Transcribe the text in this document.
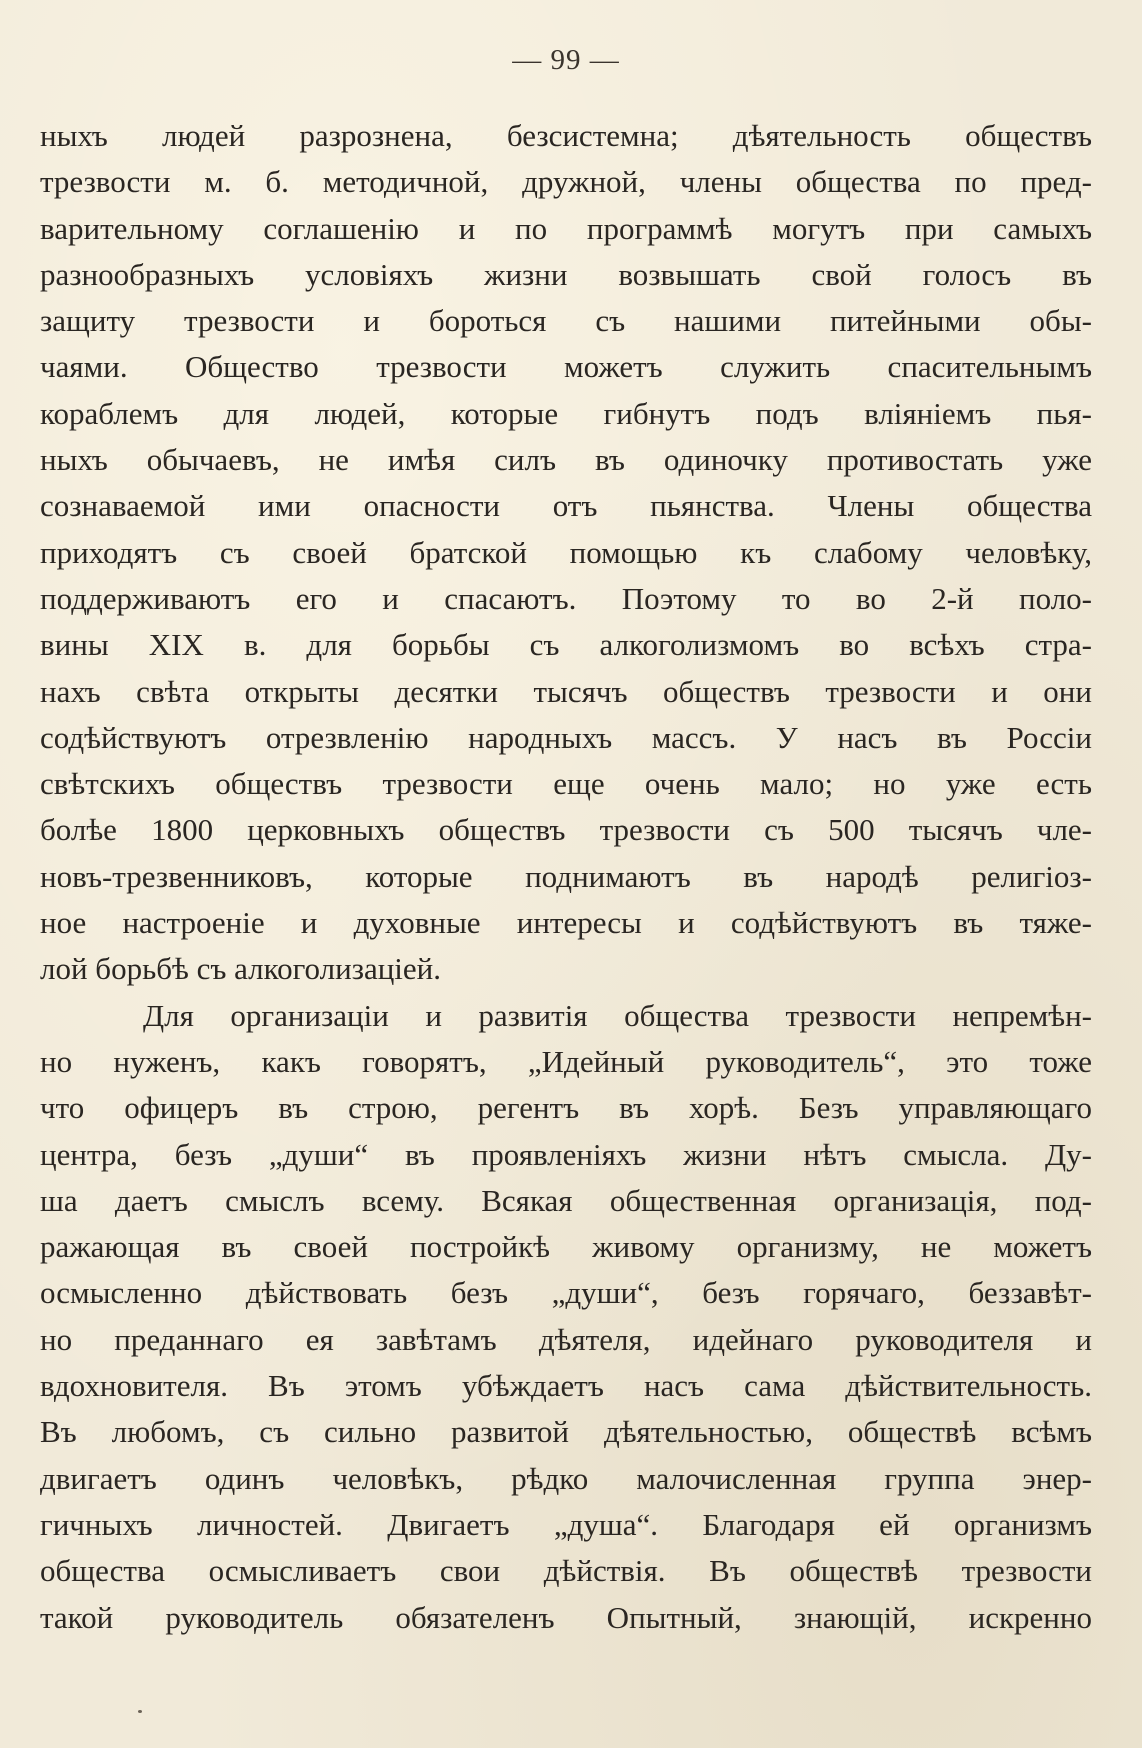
— 99 —
ныхъ людей разрознена, безсистемна; дѣятельность обществъ
трезвости м. б. методичной, дружной, члены общества по пред-
варительному соглашенію и по программѣ могутъ при самыхъ
разнообразныхъ условіяхъ жизни возвышать свой голосъ въ
защиту трезвости и бороться съ нашими питейными обы-
чаями. Общество трезвости можетъ служить спасительнымъ
кораблемъ для людей, которые гибнутъ подъ вліяніемъ пья-
ныхъ обычаевъ, не имѣя силъ въ одиночку противостать уже
сознаваемой ими опасности отъ пьянства. Члены общества
приходятъ съ своей братской помощью къ слабому человѣку,
поддерживаютъ его и спасаютъ. Поэтому то во 2-й поло-
вины XIX в. для борьбы съ алкоголизмомъ во всѣхъ стра-
нахъ свѣта открыты десятки тысячъ обществъ трезвости и они
содѣйствуютъ отрезвленію народныхъ массъ. У насъ въ Россіи
свѣтскихъ обществъ трезвости еще очень мало; но уже есть
болѣе 1800 церковныхъ обществъ трезвости съ 500 тысячъ чле-
новъ-трезвенниковъ, которые поднимаютъ въ народѣ религіоз-
ное настроеніе и духовные интересы и содѣйствуютъ въ тяже-
лой борьбѣ съ алкоголизаціей.
Для организаціи и развитія общества трезвости непремѣн-
но нуженъ, какъ говорятъ, „Идейный руководитель“, это тоже
что офицеръ въ строю, регентъ въ хорѣ. Безъ управляющаго
центра, безъ „души“ въ проявленіяхъ жизни нѣтъ смысла. Ду-
ша даетъ смыслъ всему. Всякая общественная организація, под-
ражающая въ своей постройкѣ живому организму, не можетъ
осмысленно дѣйствовать безъ „души“, безъ горячаго, беззавѣт-
но преданнаго ея завѣтамъ дѣятеля, идейнаго руководителя и
вдохновителя. Въ этомъ убѣждаетъ насъ сама дѣйствительность.
Въ любомъ, съ сильно развитой дѣятельностью, обществѣ всѣмъ
двигаетъ одинъ человѣкъ, рѣдко малочисленная группа энер-
гичныхъ личностей. Двигаетъ „душа“. Благодаря ей организмъ
общества осмысливаетъ свои дѣйствія. Въ обществѣ трезвости
такой руководитель обязателенъ Опытный, знающій, искренно
